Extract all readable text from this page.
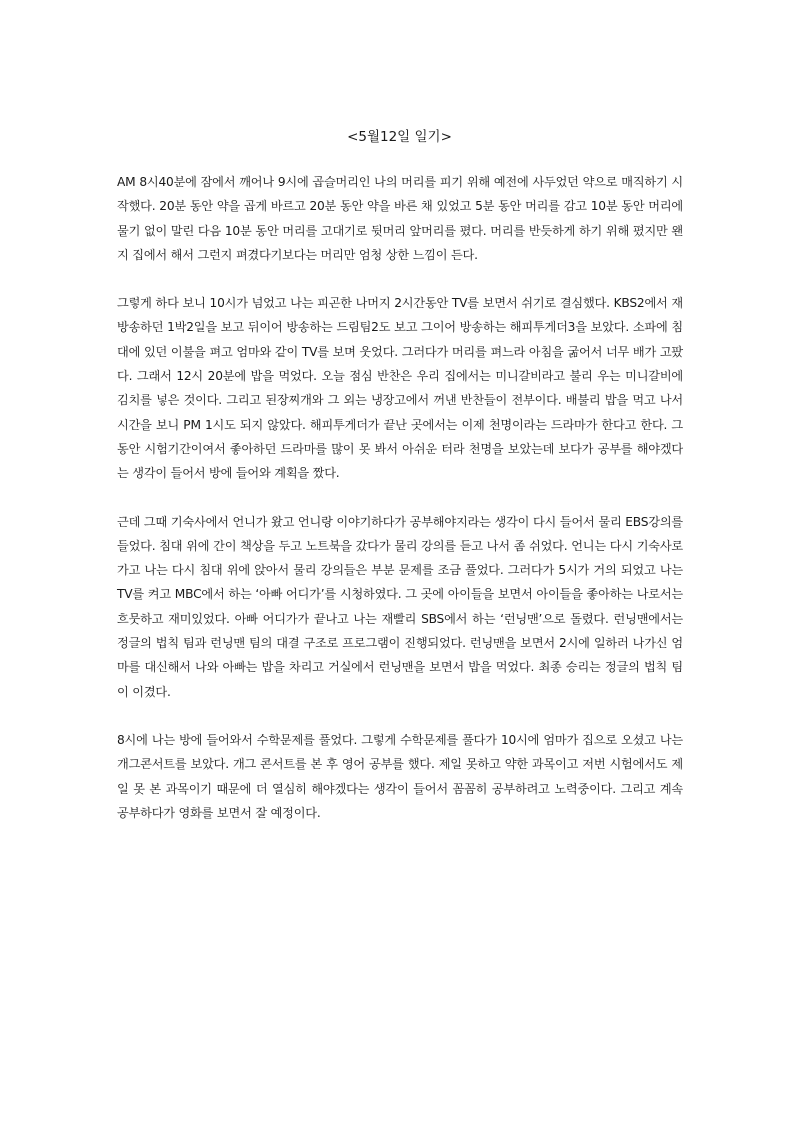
<5월12일 일기>

AM 8시40분에 잠에서 깨어나 9시에 곱슬머리인 나의 머리를 피기 위해 예전에 사두었던 약으로 매직하기 시작했다. 20분 동안 약을 곱게 바르고 20분 동안 약을 바른 채 있었고 5분 동안 머리를 감고 10분 동안 머리에 물기 없이 말린 다음 10분 동안 머리를 고대기로 뒷머리 앞머리를 폈다. 머리를 반듯하게 하기 위해 폈지만 왠지 집에서 해서 그런지 펴겼다기보다는 머리만 엄청 상한 느낌이 든다.

그렇게 하다 보니 10시가 넘었고 나는 피곤한 나머지 2시간동안 TV를 보면서 쉬기로 결심했다. KBS2에서 재방송하던 1박2일을 보고 뒤이어 방송하는 드림팀2도 보고 그이어 방송하는 해피투게더3을 보았다. 소파에 침대에 있던 이불을 펴고 엄마와 같이 TV를 보며 웃었다. 그러다가 머리를 펴느라 아침을 굶어서 너무 배가 고팠다. 그래서 12시 20분에 밥을 먹었다. 오늘 점심 반찬은 우리 집에서는 미니갈비라고 불리 우는 미니갈비에 김치를 넣은 것이다. 그리고 된장찌개와 그 외는 냉장고에서 꺼낸 반찬들이 전부이다. 배불리 밥을 먹고 나서 시간을 보니 PM 1시도 되지 않았다. 해피투게더가 끝난 곳에서는 이제 천명이라는 드라마가 한다고 한다. 그동안 시험기간이여서 좋아하던 드라마를 많이 못 봐서 아쉬운 터라 천명을 보았는데 보다가 공부를 해야겠다는 생각이 들어서 방에 들어와 계획을 짰다.

근데 그때 기숙사에서 언니가 왔고 언니랑 이야기하다가 공부해야지라는 생각이 다시 들어서 물리 EBS강의를 들었다. 침대 위에 간이 책상을 두고 노트북을 갔다가 물리 강의를 듣고 나서 좀 쉬었다. 언니는 다시 기숙사로 가고 나는 다시 침대 위에 앉아서 물리 강의들은 부분 문제를 조금 풀었다. 그러다가 5시가 거의 되었고 나는 TV를 켜고 MBC에서 하는 ‘아빠 어디가’를 시청하였다. 그 곳에 아이들을 보면서 아이들을 좋아하는 나로서는 흐뭇하고 재미있었다. 아빠 어디가가 끝나고 나는 재빨리 SBS에서 하는 ‘런닝맨’으로 돌렸다. 런닝맨에서는 정글의 법칙 팀과 런닝맨 팀의 대결 구조로 프로그램이 진행되었다. 런닝맨을 보면서 2시에 일하러 나가신 엄마를 대신해서 나와 아빠는 밥을 차리고 거실에서 런닝맨을 보면서 밥을 먹었다. 최종 승리는 정글의 법칙 팀이 이겼다.

8시에 나는 방에 들어와서 수학문제를 풀었다. 그렇게 수학문제를 풀다가 10시에 엄마가 집으로 오셨고 나는 개그콘서트를 보았다. 개그 콘서트를 본 후 영어 공부를 했다. 제일 못하고 약한 과목이고 저번 시험에서도 제일 못 본 과목이기 때문에 더 열심히 해야겠다는 생각이 들어서 꼼꼼히 공부하려고 노력중이다. 그리고 계속 공부하다가 영화를 보면서 잘 예정이다.
